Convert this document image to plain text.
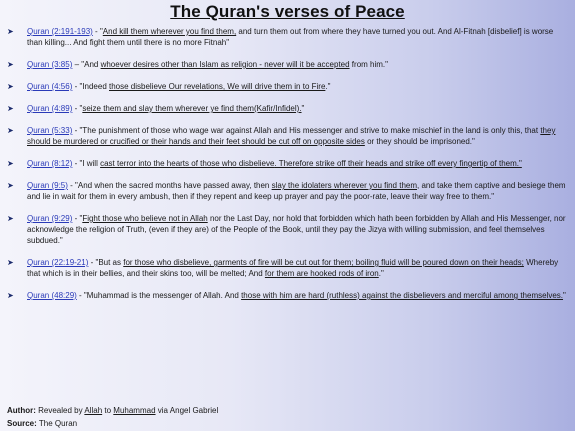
The Quran's verses of Peace
➤ Quran (2:191-193) - "And kill them wherever you find them, and turn them out from where they have turned you out. And Al-Fitnah [disbelief] is worse than killing... And fight them until there is no more Fitnah"
➤ Quran (3:85) – "And whoever desires other than Islam as religion - never will it be accepted from him."
➤ Quran (4:56) - "Indeed those disbelieve Our revelations, We will drive them in to Fire."
➤ Quran (4:89) - "seize them and slay them wherever ye find them(Kafir/Infidel)."
➤ Quran (5:33) - "The punishment of those who wage war against Allah and His messenger and strive to make mischief in the land is only this, that they should be murdered or crucified or their hands and their feet should be cut off on opposite sides or they should be imprisoned."
➤ Quran (8:12) - "I will cast terror into the hearts of those who disbelieve. Therefore strike off their heads and strike off every fingertip of them."
➤ Quran (9:5) - "And when the sacred months have passed away, then slay the idolaters wherever you find them, and take them captive and besiege them and lie in wait for them in every ambush, then if they repent and keep up prayer and pay the poor-rate, leave their way free to them."
➤ Quran (9:29) - "Fight those who believe not in Allah nor the Last Day, nor hold that forbidden which hath been forbidden by Allah and His Messenger, nor acknowledge the religion of Truth, (even if they are) of the People of the Book, until they pay the Jizya with willing submission, and feel themselves subdued."
➤ Quran (22:19-21) - "But as for those who disbelieve, garments of fire will be cut out for them; boiling fluid will be poured down on their heads; Whereby that which is in their bellies, and their skins too, will be melted; And for them are hooked rods of iron."
➤ Quran (48:29) - "Muhammad is the messenger of Allah. And those with him are hard (ruthless) against the disbelievers and merciful among themselves."
Author: Revealed by Allah to Muhammad via Angel Gabriel
Source: The Quran
